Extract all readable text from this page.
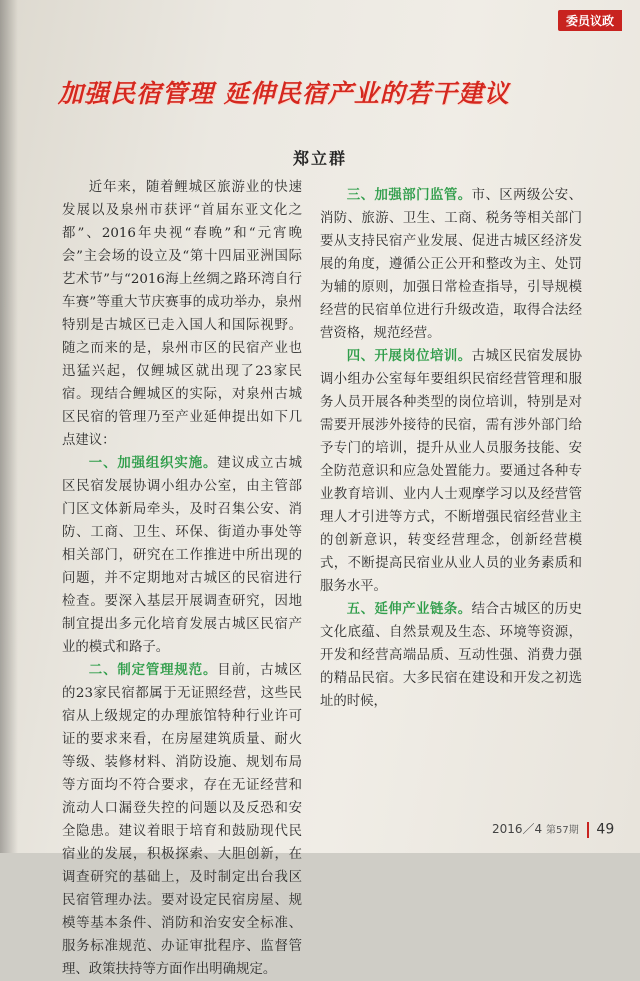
委员议政
加强民宿管理 延伸民宿产业的若干建议
郑立群

近年来，随着鲤城区旅游业的快速发展以及泉州市获评“首届东亚文化之都”、2016年央视“春晚”和“元宵晚会”主会场的设立及“第十四届亚洲国际艺术节”与“2016海上丝绸之路环湾自行车赛”等重大节庆赛事的成功举办，泉州特别是古城区已走入国人和国际视野。随之而来的是，泉州市区的民宿产业也迅猛兴起，仅鲤城区就出现了23家民宿。现结合鲤城区的实际，对泉州古城区民宿的管理乃至产业延伸提出如下几点建议：

一、加强组织实施。建议成立古城区民宿发展协调小组办公室，由主管部门区文体新局牵头，及时召集公安、消防、工商、卫生、环保、街道办事处等相关部门，研究在工作推进中所出现的问题，并不定期地对古城区的民宿进行检查。要深入基层开展调查研究，因地制宜提出多元化培育发展古城区民宿产业的模式和路子。

二、制定管理规范。目前，古城区的23家民宿都属于无证照经营，这些民宿从上级规定的办理旅馆特种行业许可证的要求来看，在房屋建筑质量、耐火等级、装修材料、消防设施、规划布局等方面均不符合要求，存在无证经营和流动人口漏登失控的问题以及反恐和安全隐患。建议着眼于培育和鼓励现代民宿业的发展，积极探索、大胆创新，在调查研究的基础上，及时制定出台我区民宿管理办法。要对设定民宿房屋、规模等基本条件、消防和治安安全标准、服务标准规范、办证审批程序、监督管理、政策扶持等方面作出明确规定。

三、加强部门监管。市、区两级公安、消防、旅游、卫生、工商、税务等相关部门要从支持民宿产业发展、促进古城区经济发展的角度，遵循公正公开和整改为主、处罚为辅的原则，加强日常检查指导，引导规模经营的民宿单位进行升级改造，取得合法经营资格，规范经营。

四、开展岗位培训。古城区民宿发展协调小组办公室每年要组织民宿经营管理和服务人员开展各种类型的岗位培训，特别是对需要开展涉外接待的民宿，需有涉外部门给予专门的培训，提升从业人员服务技能、安全防范意识和应急处置能力。要通过各种专业教育培训、业内人士观摩学习以及经营管理人才引进等方式，不断增强民宿经营业主的创新意识，转变经营理念，创新经营模式，不断提高民宿业从业人员的业务素质和服务水平。

五、延伸产业链条。结合古城区的历史文化底蕴、自然景观及生态、环境等资源，开发和经营高端品质、互动性强、消费力强的精品民宿。大多民宿在建设和开发之初选址的时候，

2016／4 第57期 49
